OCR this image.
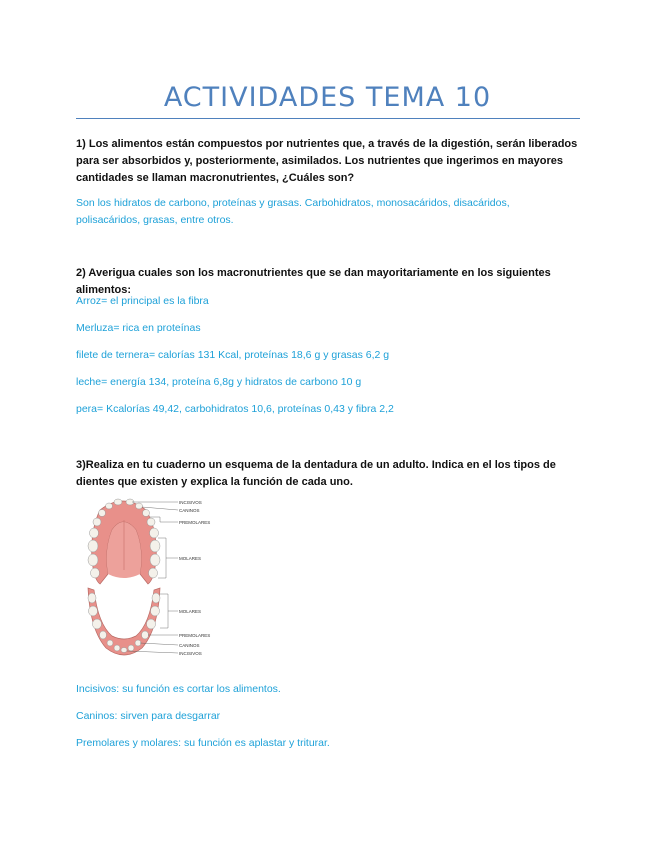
ACTIVIDADES TEMA 10

1) Los alimentos están compuestos por nutrientes que, a través de la digestión, serán liberados para ser absorbidos y, posteriormente, asimilados. Los nutrientes que ingerimos en mayores cantidades se llaman macronutrientes, ¿Cuáles son?

Son los hidratos de carbono, proteínas y grasas. Carbohidratos, monosacáridos, disacáridos, polisacáridos, grasas, entre otros.

2) Averigua cuales son los macronutrientes que se dan mayoritariamente en los siguientes alimentos:

Arroz= el principal es la fibra

Merluza= rica en proteínas

filete de ternera= calorías 131 Kcal, proteínas 18,6 g y grasas 6,2 g

leche= energía 134, proteína 6,8g y hidratos de carbono 10 g

pera= Kcalorías 49,42, carbohidratos 10,6, proteínas 0,43 y fibra 2,2

3)Realiza en tu cuaderno un esquema de la dentadura de un adulto. Indica en el los tipos de dientes que existen y explica la función de cada uno.

INCISIVOS
CANINOS
PREMOLARES
MOLARES
MOLARES
PREMOLARES
CANINOS
INCISIVOS

Incisivos: su función es cortar los alimentos.

Caninos: sirven para desgarrar

Premolares y molares: su función es aplastar y triturar.
